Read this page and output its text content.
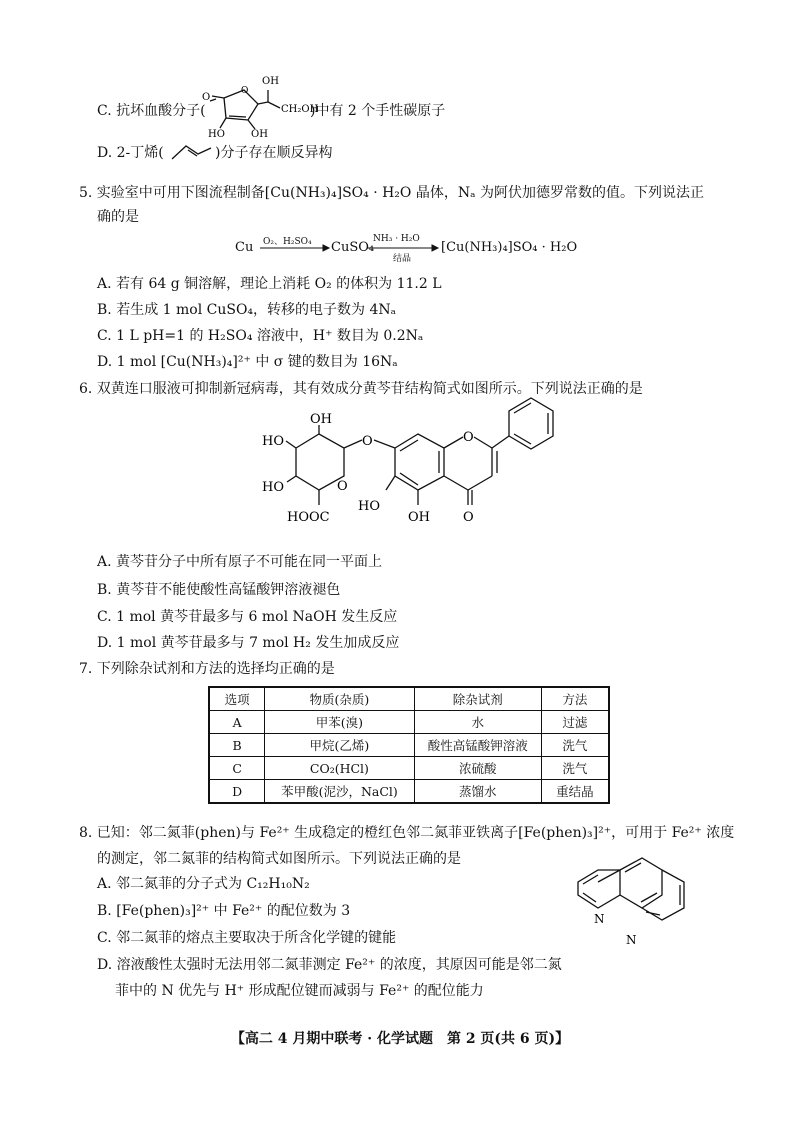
C. 抗坏血酸分子(
OH
CH₂OH
O
O
HO	OH
HO
OH
O
HO	O
O
HOOC
HO
OH	O
N
N
)中有 2 个手性碳原子
D. 2-丁烯(	)分子存在顺反异构
5. 实验室中可用下图流程制备[Cu(NH₃)₄]SO₄ · H₂O 晶体，Nₐ 为阿伏加德罗常数的值。下列说法正
确的是
Cu O₂、H₂SO₄ CuSO₄
NH₃ · H₂O
结晶
[Cu(NH₃)₄]SO₄ · H₂O
A. 若有 64 g 铜溶解，理论上消耗 O₂ 的体积为 11.2 L
B. 若生成 1 mol CuSO₄，转移的电子数为 4Nₐ
C. 1 L pH=1 的 H₂SO₄ 溶液中，H⁺ 数目为 0.2Nₐ
D. 1 mol [Cu(NH₃)₄]²⁺ 中 σ 键的数目为 16Nₐ
6. 双黄连口服液可抑制新冠病毒，其有效成分黄芩苷结构简式如图所示。下列说法正确的是
A. 黄芩苷分子中所有原子不可能在同一平面上
B. 黄芩苷不能使酸性高锰酸钾溶液褪色
C. 1 mol 黄芩苷最多与 6 mol NaOH 发生反应
D. 1 mol 黄芩苷最多与 7 mol H₂ 发生加成反应
7. 下列除杂试剂和方法的选择均正确的是
选项	物质(杂质)	除杂试剂	方法
A	甲苯(溴)	水	过滤
B	甲烷(乙烯)	酸性高锰酸钾溶液	洗气
C	CO₂(HCl)	浓硫酸	洗气
D	苯甲酸(泥沙，NaCl)	蒸馏水	重结晶
8. 已知：邻二氮菲(phen)与 Fe²⁺ 生成稳定的橙红色邻二氮菲亚铁离子[Fe(phen)₃]²⁺，可用于 Fe²⁺ 浓度
的测定，邻二氮菲的结构简式如图所示。下列说法正确的是
A. 邻二氮菲的分子式为 C₁₂H₁₀N₂
B. [Fe(phen)₃]²⁺ 中 Fe²⁺ 的配位数为 3
C. 邻二氮菲的熔点主要取决于所含化学键的键能
D. 溶液酸性太强时无法用邻二氮菲测定 Fe²⁺ 的浓度，其原因可能是邻二氮
菲中的 N 优先与 H⁺ 形成配位键而减弱与 Fe²⁺ 的配位能力
【高二 4 月期中联考 · 化学试题　第 2 页(共 6 页)】
